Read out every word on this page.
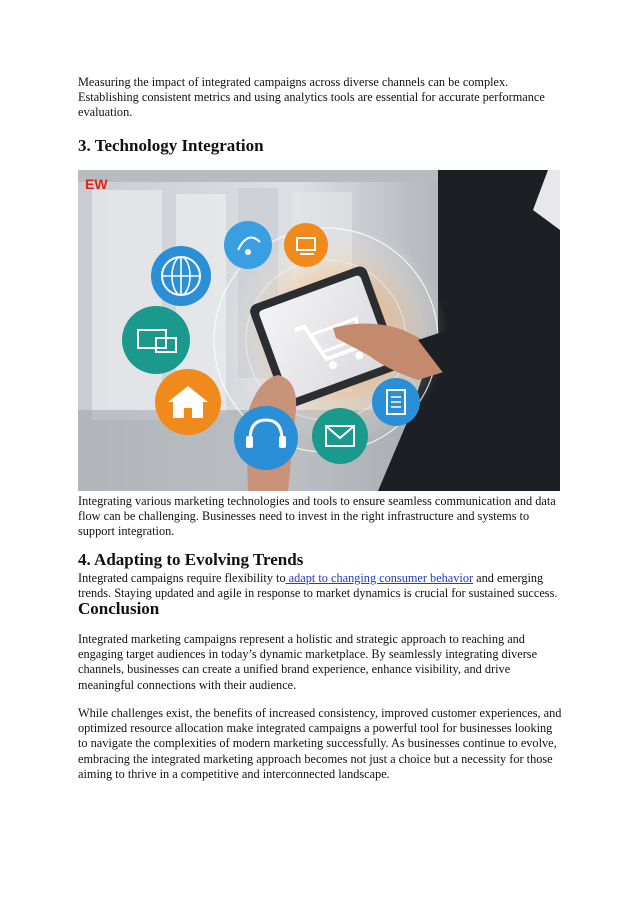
Measuring the impact of integrated campaigns across diverse channels can be complex. Establishing consistent metrics and using analytics tools are essential for accurate performance evaluation.

3. Technology Integration
EW

Integrating various marketing technologies and tools to ensure seamless communication and data flow can be challenging. Businesses need to invest in the right infrastructure and systems to support integration.

4. Adapting to Evolving Trends

Integrated campaigns require flexibility to adapt to changing consumer behavior and emerging trends. Staying updated and agile in response to market dynamics is crucial for sustained success.

Conclusion

Integrated marketing campaigns represent a holistic and strategic approach to reaching and engaging target audiences in today’s dynamic marketplace. By seamlessly integrating diverse channels, businesses can create a unified brand experience, enhance visibility, and drive meaningful connections with their audience.

While challenges exist, the benefits of increased consistency, improved customer experiences, and optimized resource allocation make integrated campaigns a powerful tool for businesses looking to navigate the complexities of modern marketing successfully. As businesses continue to evolve, embracing the integrated marketing approach becomes not just a choice but a necessity for those aiming to thrive in a competitive and interconnected landscape.
